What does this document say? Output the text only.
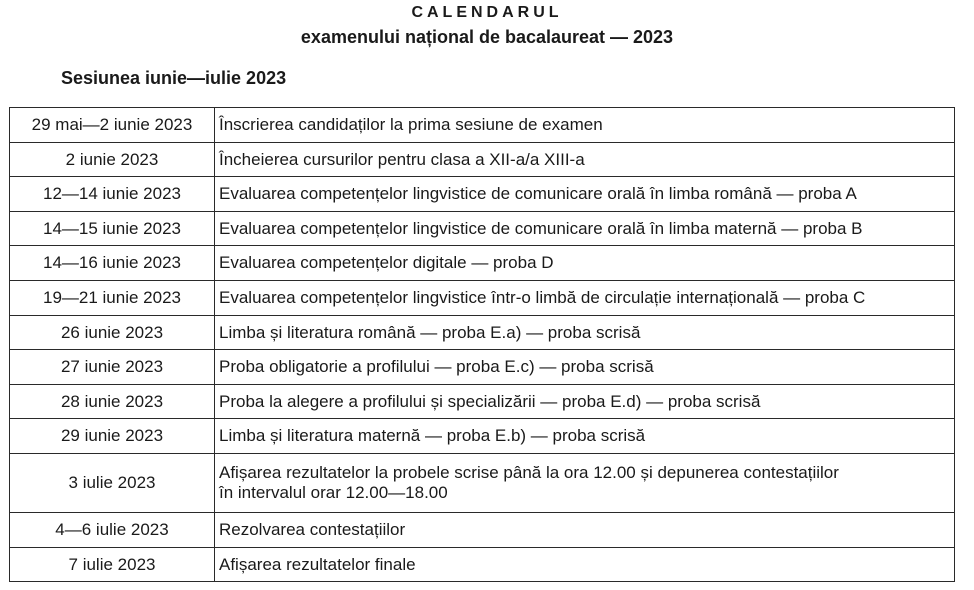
CALENDARUL
examenului național de bacalaureat — 2023
Sesiunea iunie—iulie 2023
29 mai—2 iunie 2023	Înscrierea candidaților la prima sesiune de examen
2 iunie 2023	Încheierea cursurilor pentru clasa a XII-a/a XIII-a
12—14 iunie 2023	Evaluarea competențelor lingvistice de comunicare orală în limba română — proba A
14—15 iunie 2023	Evaluarea competențelor lingvistice de comunicare orală în limba maternă — proba B
14—16 iunie 2023	Evaluarea competențelor digitale — proba D
19—21 iunie 2023	Evaluarea competențelor lingvistice într-o limbă de circulație internațională — proba C
26 iunie 2023	Limba și literatura română — proba E.a) — proba scrisă
27 iunie 2023	Proba obligatorie a profilului — proba E.c) — proba scrisă
28 iunie 2023	Proba la alegere a profilului și specializării — proba E.d) — proba scrisă
29 iunie 2023	Limba și literatura maternă — proba E.b) — proba scrisă
3 iulie 2023	Afișarea rezultatelor la probele scrise până la ora 12.00 și depunerea contestațiilor
în intervalul orar 12.00—18.00

4—6 iulie 2023	Rezolvarea contestațiilor
7 iulie 2023	Afișarea rezultatelor finale
